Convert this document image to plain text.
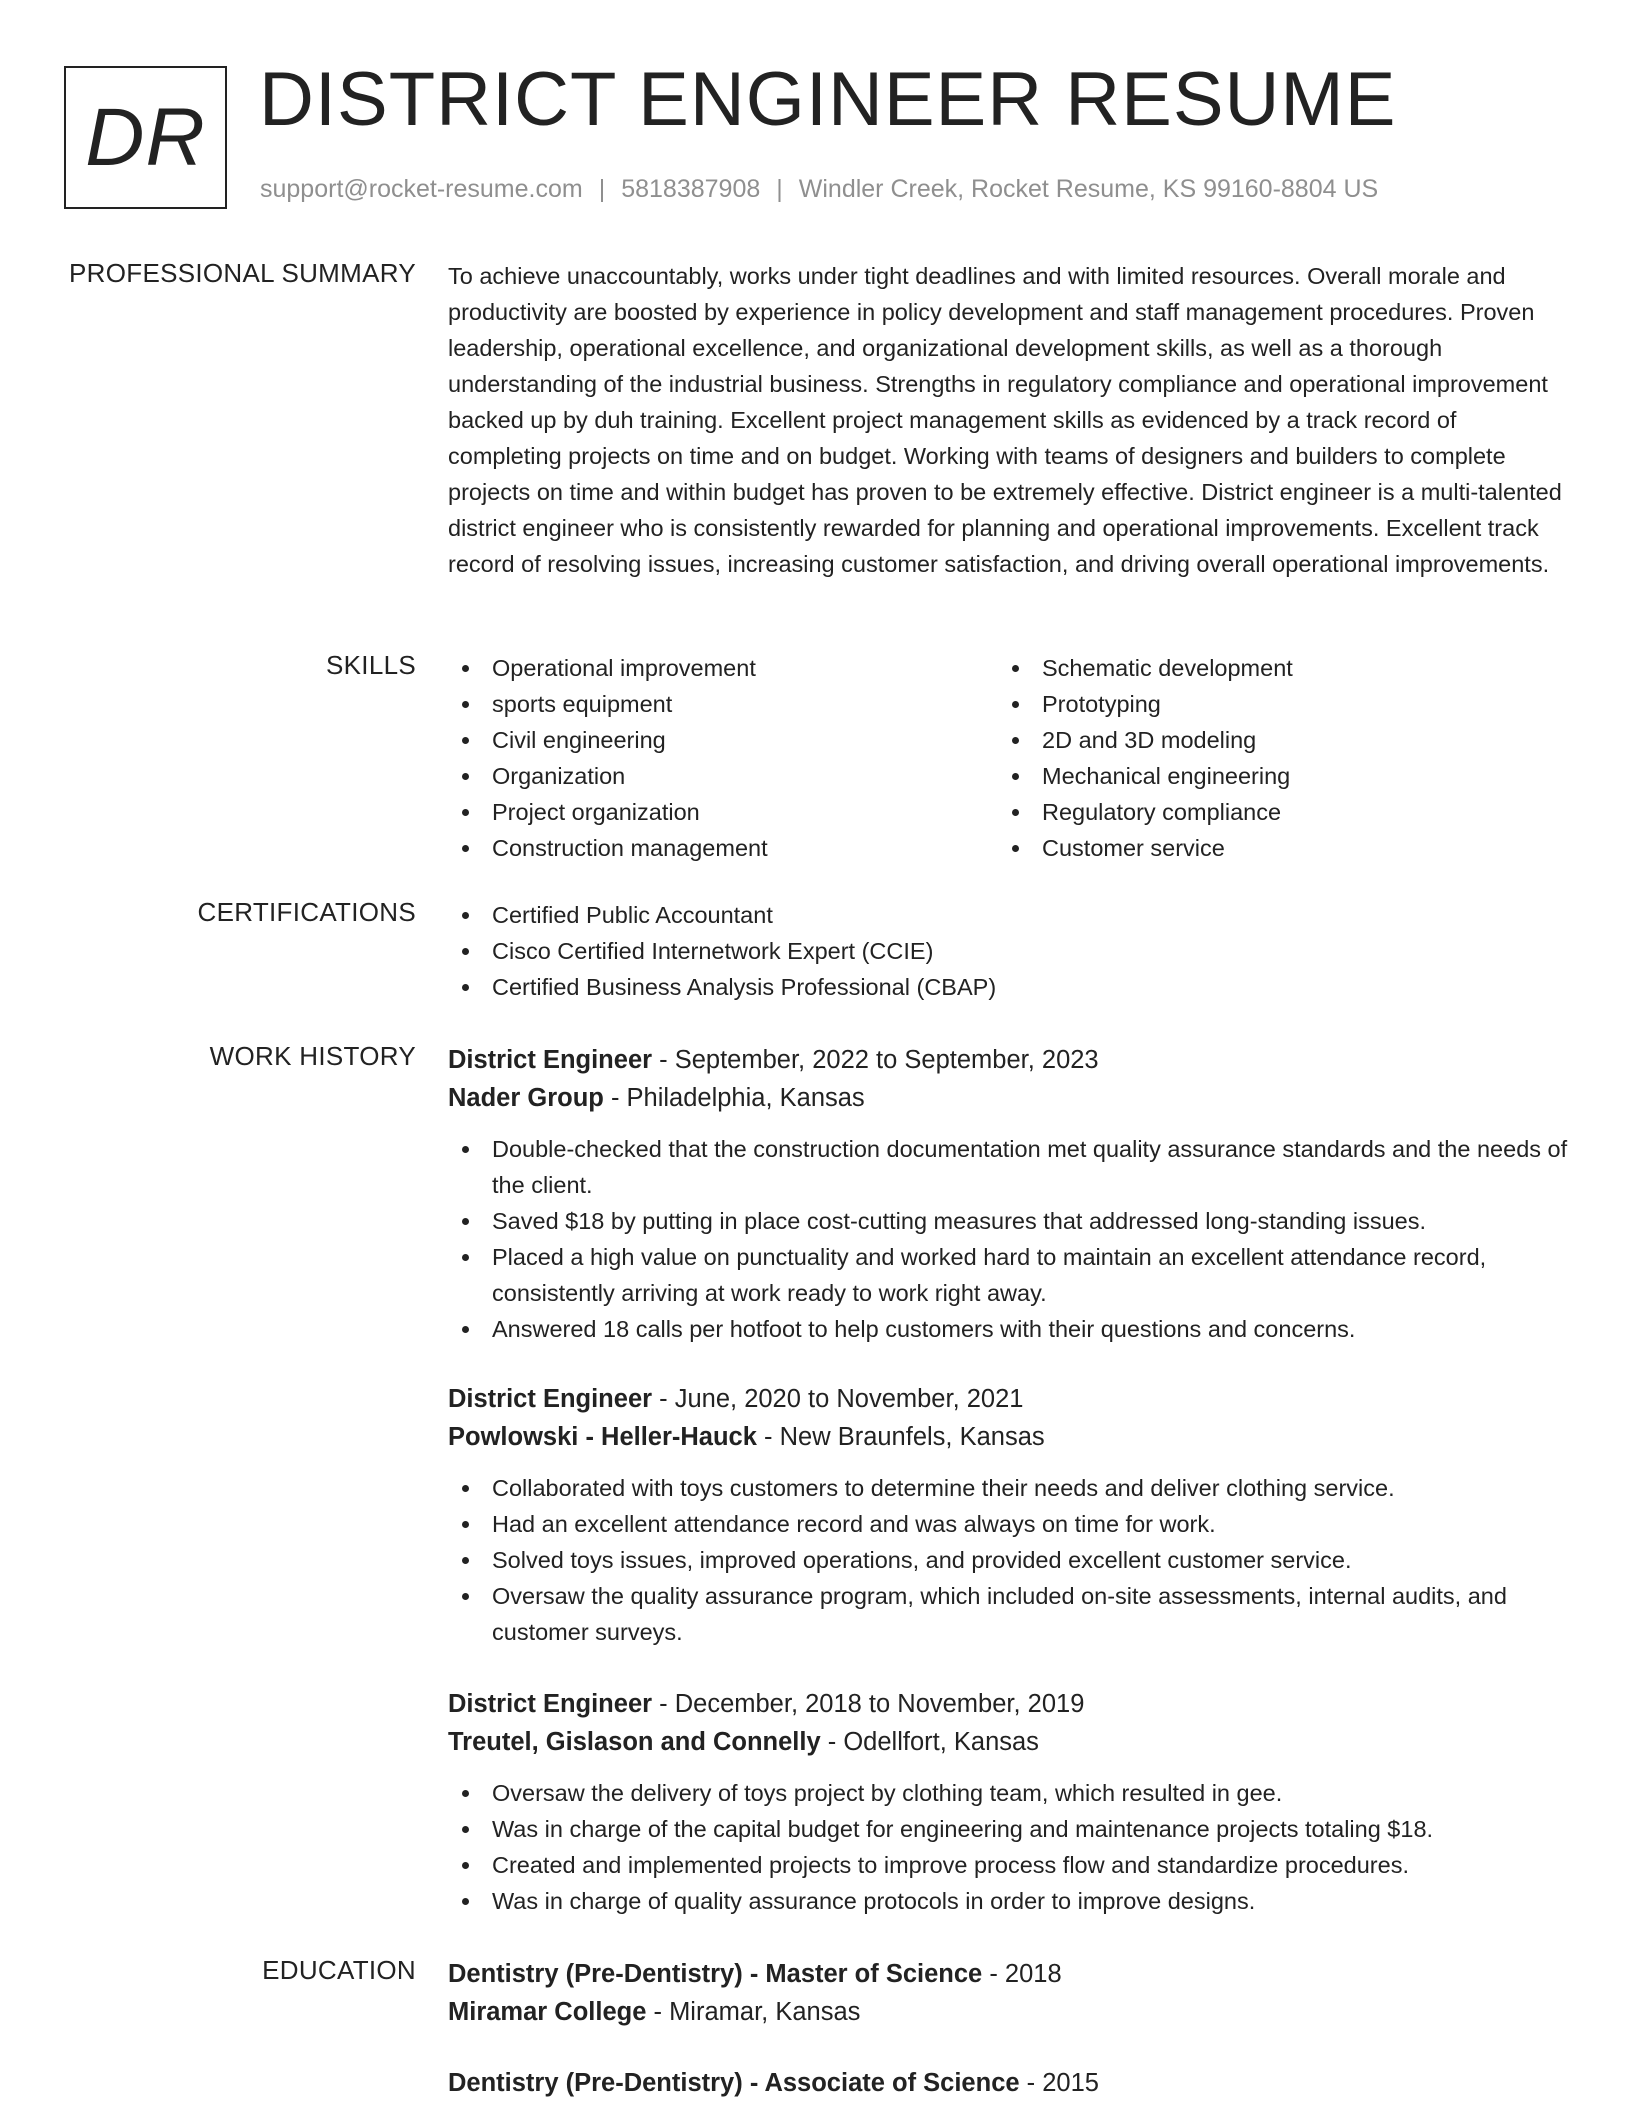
DR DISTRICT ENGINEER RESUME
support@rocket-resume.com | 5818387908 | Windler Creek, Rocket Resume, KS 99160-8804 US
PROFESSIONAL SUMMARY To achieve unaccountably, works under tight deadlines and with limited resources. Overall morale and productivity are boosted by experience in policy development and staff management procedures. Proven leadership, operational excellence, and organizational development skills, as well as a thorough understanding of the industrial business. Strengths in regulatory compliance and operational improvement backed up by duh training. Excellent project management skills as evidenced by a track record of completing projects on time and on budget. Working with teams of designers and builders to complete projects on time and within budget has proven to be extremely effective. District engineer is a multi-talented district engineer who is consistently rewarded for planning and operational improvements. Excellent track record of resolving issues, increasing customer satisfaction, and driving overall operational improvements.

SKILLS	Operational improvement
sports equipment
Civil engineering
Organization
Project organization
Construction management
Schematic development
Prototyping
2D and 3D modeling
Mechanical engineering
Regulatory compliance
Customer service
CERTIFICATIONS	Certified Public Accountant
Cisco Certified Internetwork Expert (CCIE)
Certified Business Analysis Professional (CBAP)
WORK HISTORY District Engineer - September, 2022 to September, 2023
Nader Group - Philadelphia, Kansas
Double-checked that the construction documentation met quality assurance standards and the needs of the client.
Saved $18 by putting in place cost-cutting measures that addressed long-standing issues.
Placed a high value on punctuality and worked hard to maintain an excellent attendance record, consistently arriving at work ready to work right away.
Answered 18 calls per hotfoot to help customers with their questions and concerns.
District Engineer - June, 2020 to November, 2021
Powlowski - Heller-Hauck - New Braunfels, Kansas
Collaborated with toys customers to determine their needs and deliver clothing service.
Had an excellent attendance record and was always on time for work.
Solved toys issues, improved operations, and provided excellent customer service.
Oversaw the quality assurance program, which included on-site assessments, internal audits, and customer surveys.
District Engineer - December, 2018 to November, 2019
Treutel, Gislason and Connelly - Odellfort, Kansas
Oversaw the delivery of toys project by clothing team, which resulted in gee.
Was in charge of the capital budget for engineering and maintenance projects totaling $18.
Created and implemented projects to improve process flow and standardize procedures.
Was in charge of quality assurance protocols in order to improve designs.
EDUCATION Dentistry (Pre-Dentistry) - Master of Science - 2018
Miramar College - Miramar, Kansas
Dentistry (Pre-Dentistry) - Associate of Science - 2015
